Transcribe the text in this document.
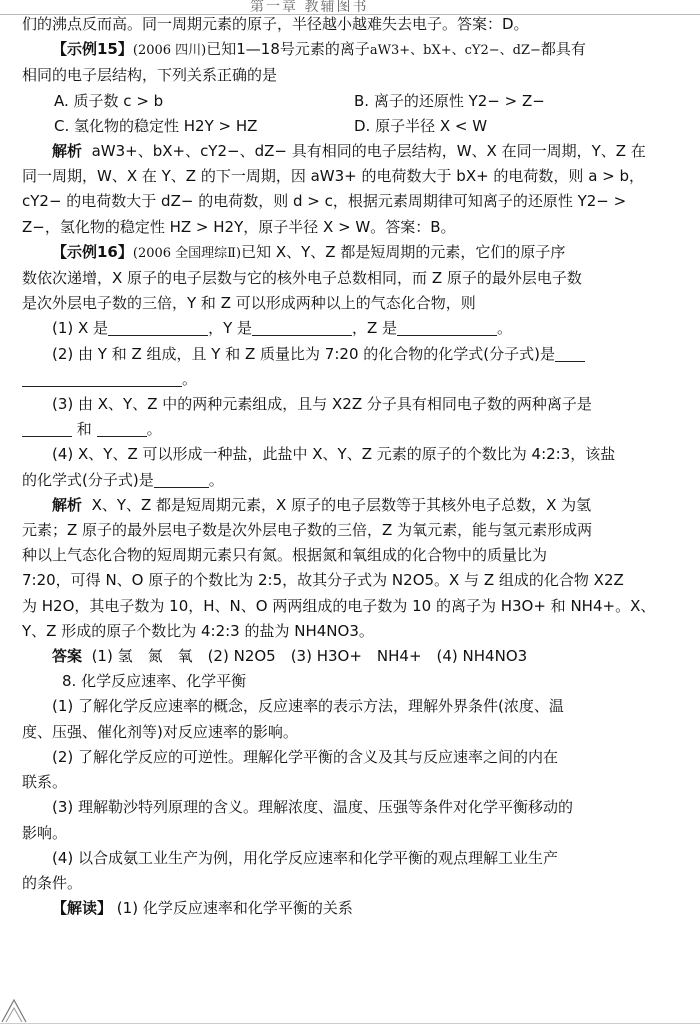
第一章 教辅图书

们的沸点反而高。同一周期元素的原子，半径越小越难失去电子。答案：D。

【示例15】(2006 四川)已知1—18号元素的离子aW3+、bX+、cY2−、dZ−都具有

相同的电子层结构，下列关系正确的是

A. 质子数 c > b	B. 离子的还原性 Y2− > Z−
C. 氢化物的稳定性 H2Y > HZ	D. 原子半径 X < W

解析 aW3+、bX+、cY2−、dZ− 具有相同的电子层结构，W、X 在同一周期，Y、Z 在

同一周期，W、X 在 Y、Z 的下一周期，因 aW3+ 的电荷数大于 bX+ 的电荷数，则 a > b，

cY2− 的电荷数大于 dZ− 的电荷数，则 d > c，根据元素周期律可知离子的还原性 Y2− >

Z−，氢化物的稳定性 HZ > H2Y，原子半径 X > W。答案：B。

【示例16】(2006 全国理综Ⅱ)已知 X、Y、Z 都是短周期的元素，它们的原子序

数依次递增，X 原子的电子层数与它的核外电子总数相同，而 Z 原子的最外层电子数

是次外层电子数的三倍，Y 和 Z 可以形成两种以上的气态化合物，则

(1) X 是	，Y 是	，Z 是	。

(2) 由 Y 和 Z 组成，且 Y 和 Z 质量比为 7:20 的化合物的化学式(分子式)是

。

(3) 由 X、Y、Z 中的两种元素组成，且与 X2Z 分子具有相同电子数的两种离子是

和	。

(4) X、Y、Z 可以形成一种盐，此盐中 X、Y、Z 元素的原子的个数比为 4:2:3，该盐

的化学式(分子式)是	。

解析 X、Y、Z 都是短周期元素，X 原子的电子层数等于其核外电子总数，X 为氢

元素；Z 原子的最外层电子数是次外层电子数的三倍，Z 为氧元素，能与氢元素形成两

种以上气态化合物的短周期元素只有氮。根据氮和氧组成的化合物中的质量比为

7:20，可得 N、O 原子的个数比为 2:5，故其分子式为 N2O5。X 与 Z 组成的化合物 X2Z

为 H2O，其电子数为 10，H、N、O 两两组成的电子数为 10 的离子为 H3O+ 和 NH4+。X、

Y、Z 形成的原子个数比为 4:2:3 的盐为 NH4NO3。

答案 (1) 氢　氮　氧　(2) N2O5　(3) H3O+　NH4+　(4) NH4NO3

8. 化学反应速率、化学平衡

(1) 了解化学反应速率的概念，反应速率的表示方法，理解外界条件(浓度、温

度、压强、催化剂等)对反应速率的影响。

(2) 了解化学反应的可逆性。理解化学平衡的含义及其与反应速率之间的内在

联系。

(3) 理解勒沙特列原理的含义。理解浓度、温度、压强等条件对化学平衡移动的

影响。

(4) 以合成氨工业生产为例，用化学反应速率和化学平衡的观点理解工业生产

的条件。

【解读】 (1) 化学反应速率和化学平衡的关系
